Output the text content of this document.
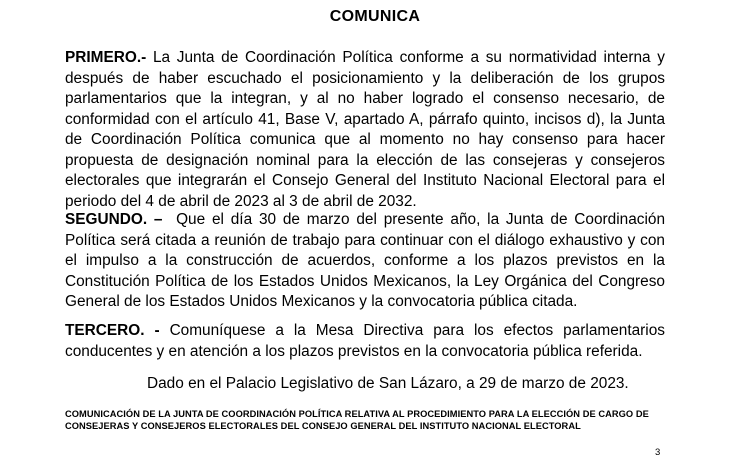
COMUNICA

PRIMERO.- La Junta de Coordinación Política conforme a su normatividad interna y después de haber escuchado el posicionamiento y la deliberación de los grupos parlamentarios que la integran, y al no haber logrado el consenso necesario, de conformidad con el artículo 41, Base V, apartado A, párrafo quinto, incisos d), la Junta de Coordinación Política comunica que al momento no hay consenso para hacer propuesta de designación nominal para la elección de las consejeras y consejeros electorales que integrarán el Consejo General del Instituto Nacional Electoral para el periodo del 4 de abril de 2023 al 3 de abril de 2032.

SEGUNDO. –  Que el día 30 de marzo del presente año, la Junta de Coordinación Política será citada a reunión de trabajo para continuar con el diálogo exhaustivo y con el impulso a la construcción de acuerdos, conforme a los plazos previstos en la Constitución Política de los Estados Unidos Mexicanos, la Ley Orgánica del Congreso General de los Estados Unidos Mexicanos y la convocatoria pública citada.

TERCERO. - Comuníquese a la Mesa Directiva para los efectos parlamentarios conducentes y en atención a los plazos previstos en la convocatoria pública referida.

Dado en el Palacio Legislativo de San Lázaro, a 29 de marzo de 2023.
COMUNICACIÓN DE LA JUNTA DE COORDINACIÓN POLÍTICA RELATIVA AL PROCEDIMIENTO PARA LA ELECCIÓN DE CARGO DE CONSEJERAS Y CONSEJEROS ELECTORALES DEL CONSEJO GENERAL DEL INSTITUTO NACIONAL ELECTORAL
3
